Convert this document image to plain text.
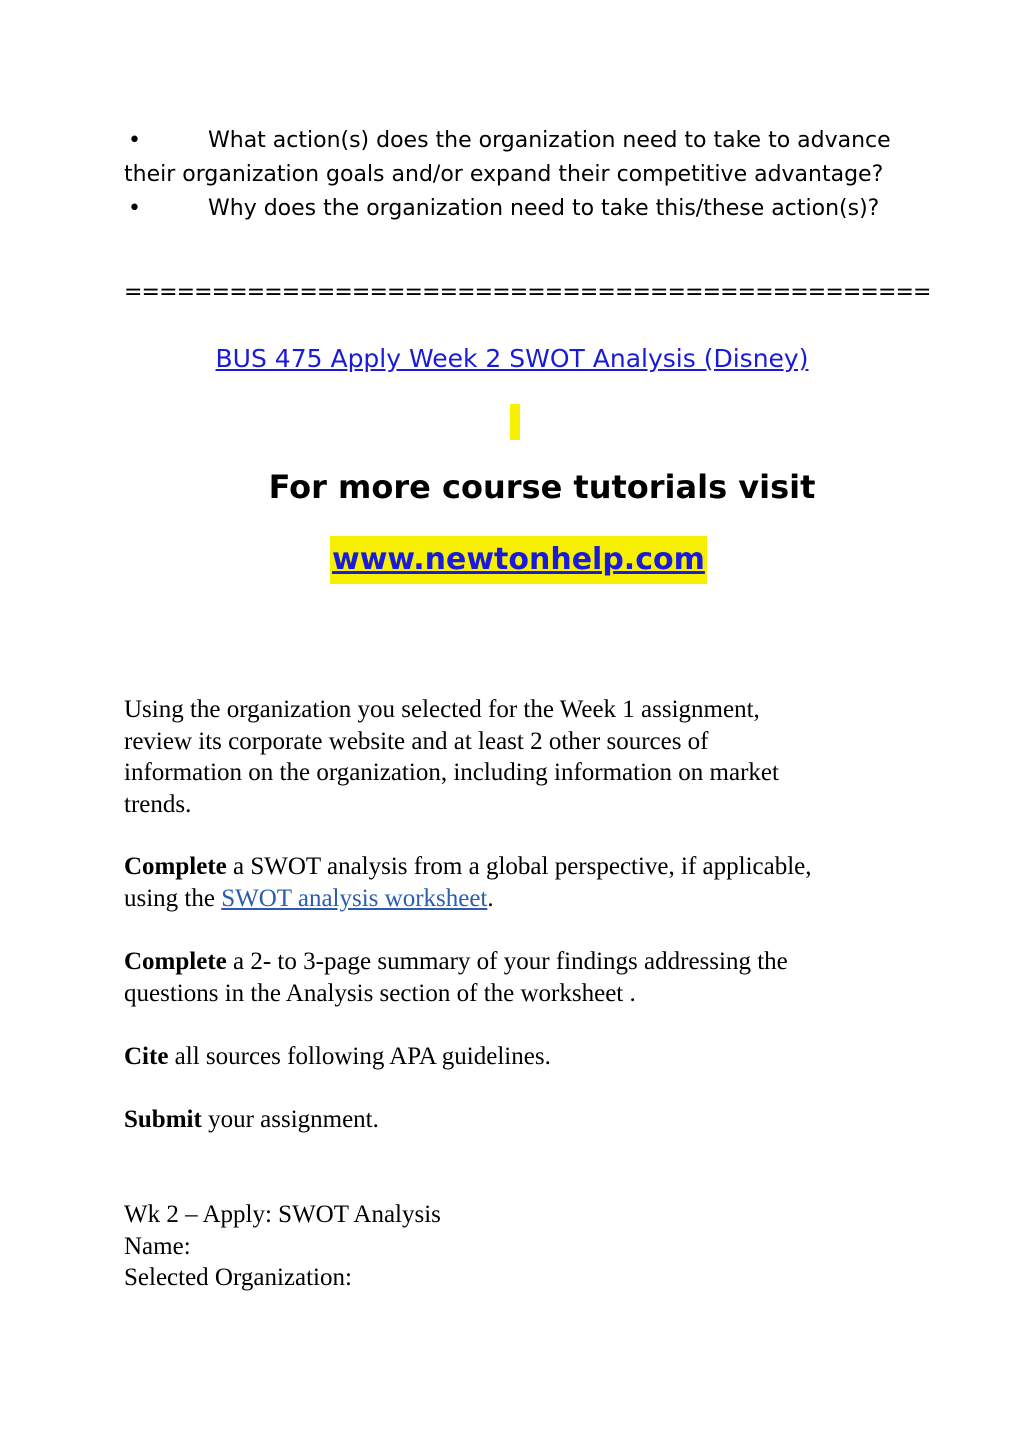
•	What action(s) does the organization need to take to advance
their organization goals and/or expand their competitive advantage?
•	Why does the organization need to take this/these action(s)?
==============================================
BUS 475 Apply Week 2 SWOT Analysis (Disney)
For more course tutorials visit
www.newtonhelp.com
Using the organization you selected for the Week 1 assignment,
review its corporate website and at least 2 other sources of
information on the organization, including information on market
trends.
Complete a SWOT analysis from a global perspective, if applicable,
using the SWOT analysis worksheet.
Complete a 2- to 3-page summary of your findings addressing the
questions in the Analysis section of the worksheet .
Cite all sources following APA guidelines.
Submit your assignment.
Wk 2 – Apply: SWOT Analysis
Name:
Selected Organization:
